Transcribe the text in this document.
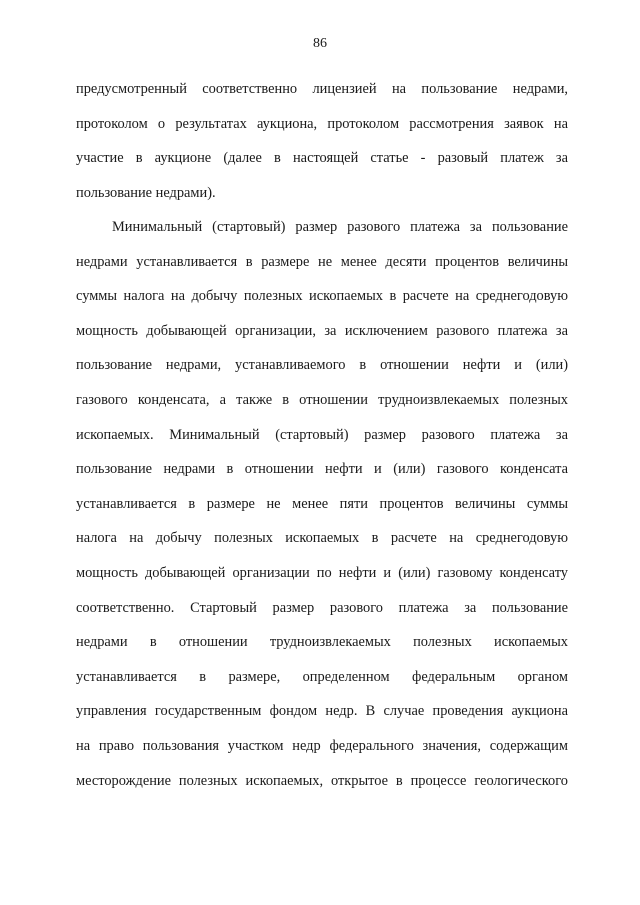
86
предусмотренный соответственно лицензией на пользование недрами,
протоколом о результатах аукциона, протоколом рассмотрения заявок на
участие в аукционе (далее в настоящей статье - разовый платеж за
пользование недрами).
Минимальный (стартовый) размер разового платежа за пользование
недрами устанавливается в размере не менее десяти процентов величины
суммы налога на добычу полезных ископаемых в расчете на среднегодовую
мощность добывающей организации, за исключением разового платежа за
пользование недрами, устанавливаемого в отношении нефти и (или)
газового конденсата, а также в отношении трудноизвлекаемых полезных
ископаемых. Минимальный (стартовый) размер разового платежа за
пользование недрами в отношении нефти и (или) газового конденсата
устанавливается в размере не менее пяти процентов величины суммы
налога на добычу полезных ископаемых в расчете на среднегодовую
мощность добывающей организации по нефти и (или) газовому конденсату
соответственно. Стартовый размер разового платежа за пользование
недрами в отношении трудноизвлекаемых полезных ископаемых
устанавливается в размере, определенном федеральным органом
управления государственным фондом недр. В случае проведения аукциона
на право пользования участком недр федерального значения, содержащим
месторождение полезных ископаемых, открытое в процессе геологического
